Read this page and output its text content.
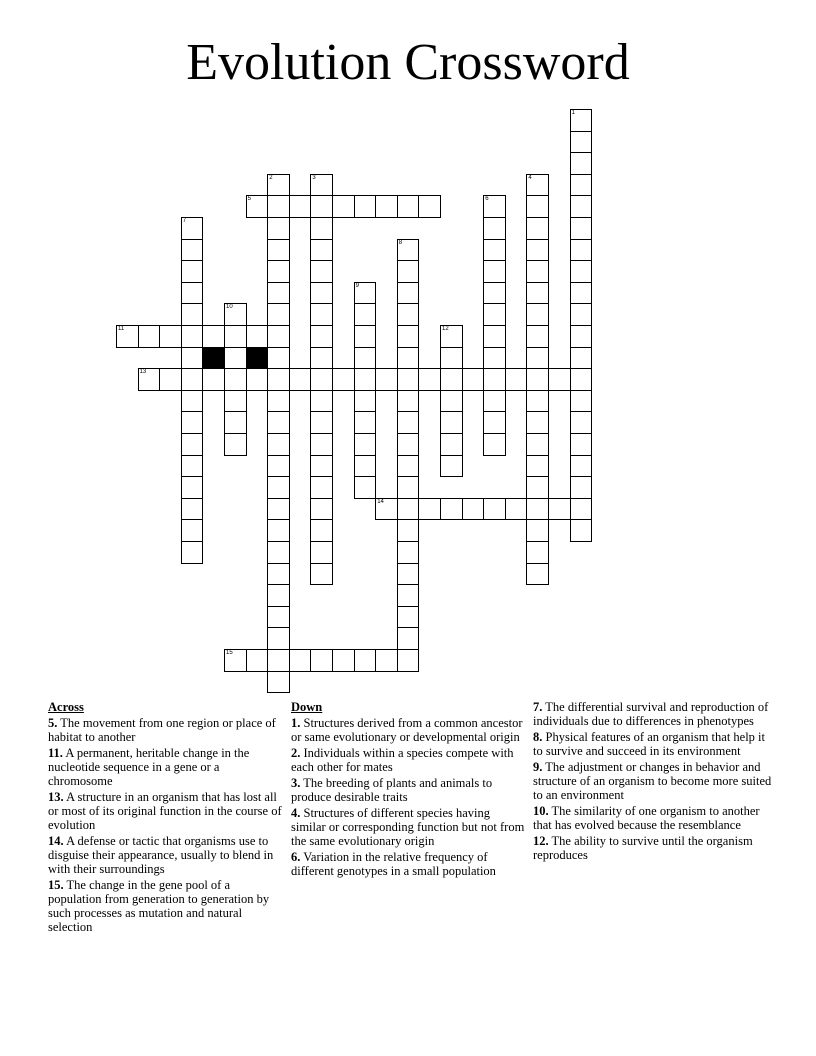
Evolution Crossword
1
2	3	4
5	6
7
8
9
10
11	12
13
14
15
Across
5. The movement from one region or place of habitat to another
11. A permanent, heritable change in the nucleotide sequence in a gene or a chromosome
13. A structure in an organism that has lost all or most of its original function in the course of evolution
14. A defense or tactic that organisms use to disguise their appearance, usually to blend in with their surroundings
15. The change in the gene pool of a population from generation to generation by such processes as mutation and natural selection
Down
1. Structures derived from a common ancestor or same evolutionary or developmental origin
2. Individuals within a species compete with each other for mates
3. The breeding of plants and animals to produce desirable traits
4. Structures of different species having similar or corresponding function but not from the same evolutionary origin
6. Variation in the relative frequency of different genotypes in a small population
7. The differential survival and reproduction of individuals due to differences in phenotypes
8. Physical features of an organism that help it to survive and succeed in its environment
9. The adjustment or changes in behavior and structure of an organism to become more suited to an environment
10. The similarity of one organism to another that has evolved because the resemblance
12. The ability to survive until the organism reproduces
